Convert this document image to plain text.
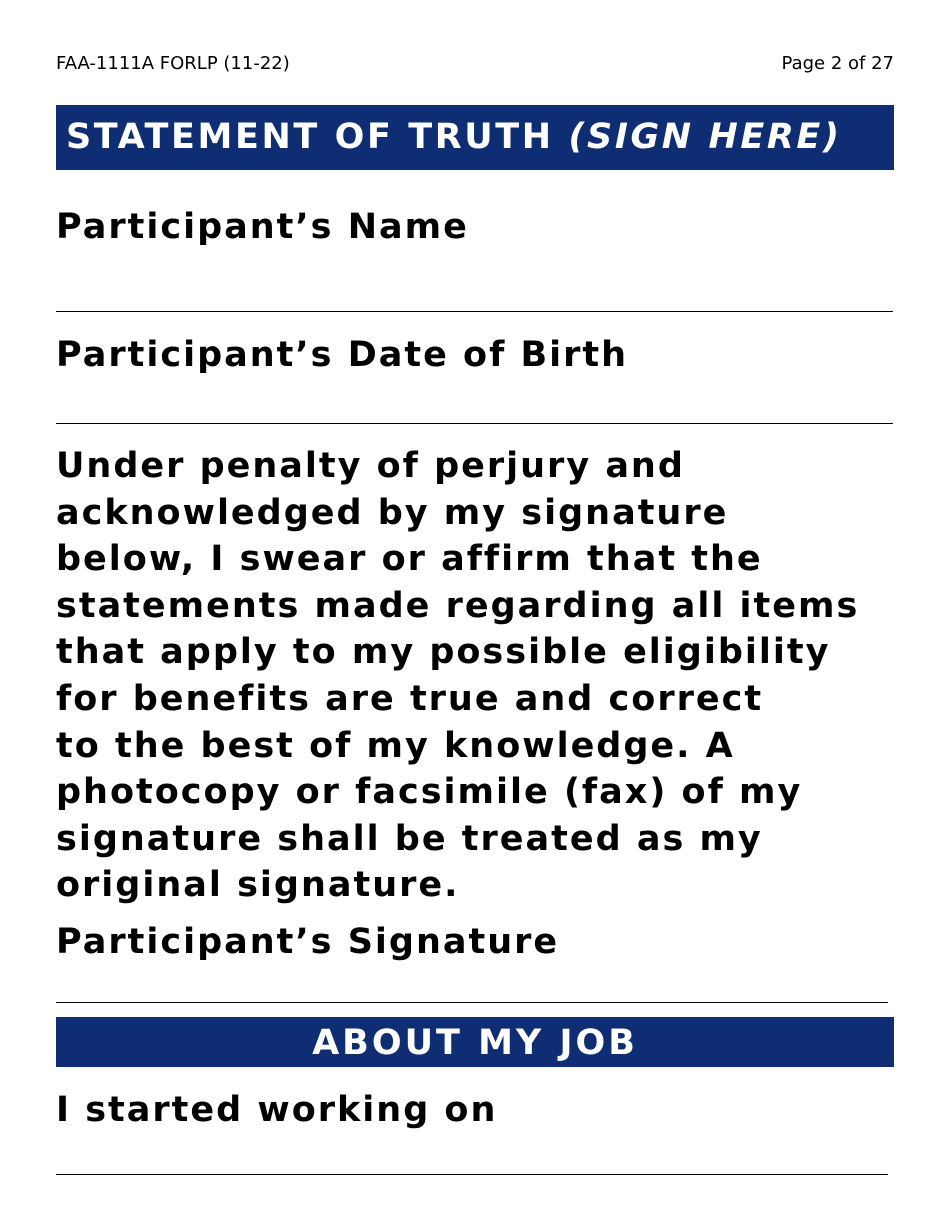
FAA-1111A FORLP (11-22)	Page 2 of 27
STATEMENT OF TRUTH (SIGN HERE)
Participant’s Name
Participant’s Date of Birth
Under penalty of perjury and
acknowledged by my signature
below, I swear or affirm that the
statements made regarding all items
that apply to my possible eligibility
for benefits are true and correct
to the best of my knowledge. A
photocopy or facsimile (fax) of my
signature shall be treated as my
original signature.
Participant’s Signature
ABOUT MY JOB
I started working on
